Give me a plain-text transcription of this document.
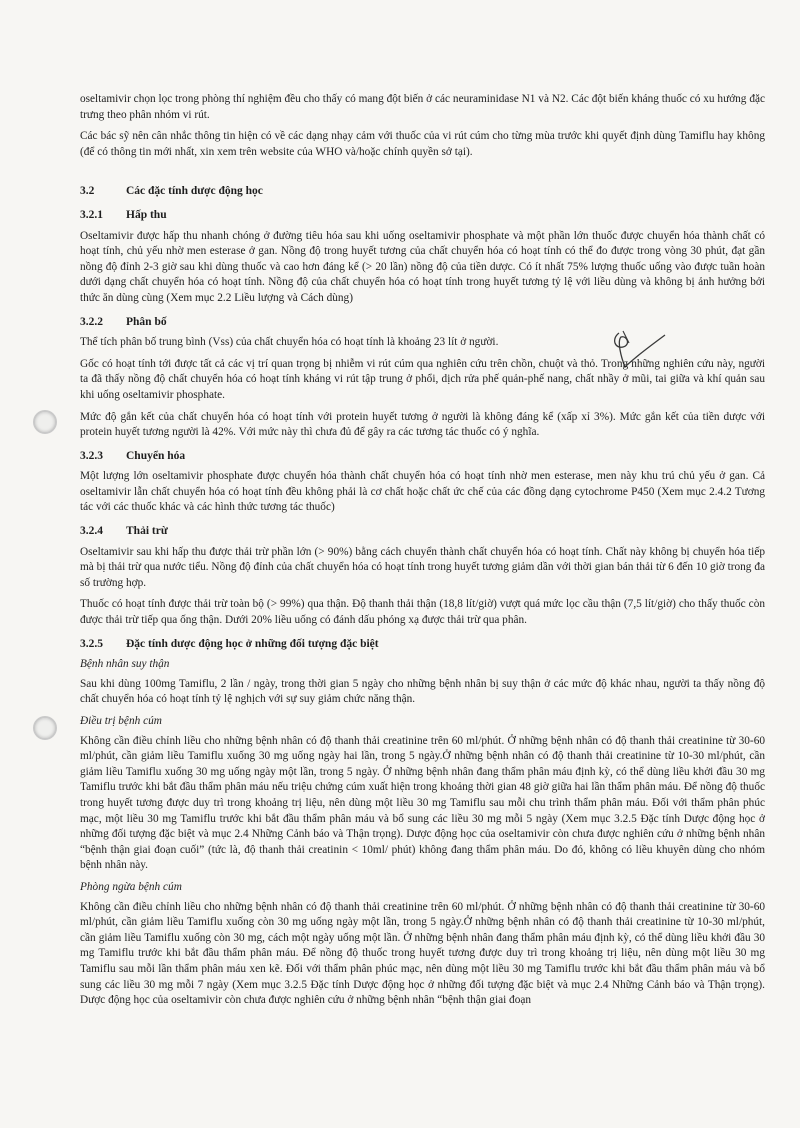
oseltamivir chọn lọc trong phòng thí nghiệm đều cho thấy có mang đột biến ở các neuraminidase N1 và N2. Các đột biến kháng thuốc có xu hướng đặc trưng theo phân nhóm vi rút.

Các bác sỹ nên cân nhắc thông tin hiện có về các dạng nhạy cảm với thuốc của vi rút cúm cho từng mùa trước khi quyết định dùng Tamiflu hay không (để có thông tin mới nhất, xin xem trên website của WHO và/hoặc chính quyền sở tại).

3.2	Các đặc tính dược động học
3.2.1	Hấp thu

Oseltamivir được hấp thu nhanh chóng ở đường tiêu hóa sau khi uống oseltamivir phosphate và một phần lớn thuốc được chuyển hóa thành chất có hoạt tính, chủ yếu nhờ men esterase ở gan. Nồng độ trong huyết tương của chất chuyển hóa có hoạt tính có thể đo được trong vòng 30 phút, đạt gần nồng độ đỉnh 2-3 giờ sau khi dùng thuốc và cao hơn đáng kể (> 20 lần) nồng độ của tiền dược. Có ít nhất 75% lượng thuốc uống vào được tuần hoàn dưới dạng chất chuyển hóa có hoạt tính. Nồng độ của chất chuyển hóa có hoạt tính trong huyết tương tỷ lệ với liều dùng và không bị ảnh hưởng bởi thức ăn dùng cùng (Xem mục 2.2 Liều lượng và Cách dùng)

3.2.2	Phân bố

Thể tích phân bố trung bình (Vss) của chất chuyển hóa có hoạt tính là khoảng 23 lít ở người.

Gốc có hoạt tính tới được tất cả các vị trí quan trọng bị nhiễm vi rút cúm qua nghiên cứu trên chồn, chuột và thỏ. Trong những nghiên cứu này, người ta đã thấy nồng độ chất chuyển hóa có hoạt tính kháng vi rút tập trung ở phổi, dịch rửa phế quản-phế nang, chất nhầy ở mũi, tai giữa và khí quản sau khi uống oseltamivir phosphate.

Mức độ gắn kết của chất chuyển hóa có hoạt tính với protein huyết tương ở người là không đáng kể (xấp xỉ 3%). Mức gắn kết của tiền dược với protein huyết tương người là 42%. Với mức này thì chưa đủ để gây ra các tương tác thuốc có ý nghĩa.

3.2.3	Chuyển hóa

Một lượng lớn oseltamivir phosphate được chuyển hóa thành chất chuyển hóa có hoạt tính nhờ men esterase, men này khu trú chủ yếu ở gan. Cả oseltamivir lẫn chất chuyển hóa có hoạt tính đều không phải là cơ chất hoặc chất ức chế của các đồng dạng cytochrome P450 (Xem mục 2.4.2 Tương tác với các thuốc khác và các hình thức tương tác thuốc)

3.2.4	Thải trừ

Oseltamivir sau khi hấp thu được thải trừ phần lớn (> 90%) bằng cách chuyển thành chất chuyển hóa có hoạt tính. Chất này không bị chuyển hóa tiếp mà bị thải trừ qua nước tiểu. Nồng độ đỉnh của chất chuyển hóa có hoạt tính trong huyết tương giảm dần với thời gian bán thải từ 6 đến 10 giờ trong đa số trường hợp.

Thuốc có hoạt tính được thải trừ toàn bộ (> 99%) qua thận. Độ thanh thải thận (18,8 lít/giờ) vượt quá mức lọc cầu thận (7,5 lít/giờ) cho thấy thuốc còn được thải trừ tiếp qua ống thận. Dưới 20% liều uống có đánh dấu phóng xạ được thải trừ qua phân.

3.2.5	Đặc tính dược động học ở những đối tượng đặc biệt
Bệnh nhân suy thận

Sau khi dùng 100mg Tamiflu, 2 lần / ngày, trong thời gian 5 ngày cho những bệnh nhân bị suy thận ở các mức độ khác nhau, người ta thấy nồng độ chất chuyển hóa có hoạt tính tỷ lệ nghịch với sự suy giảm chức năng thận.

Điều trị bệnh cúm

Không cần điều chỉnh liều cho những bệnh nhân có độ thanh thải creatinine trên 60 ml/phút. Ở những bệnh nhân có độ thanh thải creatinine từ 30-60 ml/phút, cần giảm liều Tamiflu xuống 30 mg uống ngày hai lần, trong 5 ngày.Ở những bệnh nhân có độ thanh thải creatinine từ 10-30 ml/phút, cần giảm liều Tamiflu xuống 30 mg uống ngày một lần, trong 5 ngày. Ở những bệnh nhân đang thẩm phân máu định kỳ, có thể dùng liều khởi đầu 30 mg Tamiflu trước khi bắt đầu thẩm phân máu nếu triệu chứng cúm xuất hiện trong khoảng thời gian 48 giờ giữa hai lần thẩm phân máu. Để nồng độ thuốc trong huyết tương được duy trì trong khoảng trị liệu, nên dùng một liều 30 mg Tamiflu sau mỗi chu trình thẩm phân máu. Đối với thẩm phân phúc mạc, một liều 30 mg Tamiflu trước khi bắt đầu thẩm phân máu và bổ sung các liều 30 mg mỗi 5 ngày (Xem mục 3.2.5 Đặc tính Dược động học ở những đối tượng đặc biệt và mục 2.4 Những Cảnh báo và Thận trọng). Dược động học của oseltamivir còn chưa được nghiên cứu ở những bệnh nhân “bệnh thận giai đoạn cuối” (tức là, độ thanh thải creatinin < 10ml/ phút) không đang thẩm phân máu. Do đó, không có liều khuyên dùng cho nhóm bệnh nhân này.

Phòng ngừa bệnh cúm

Không cần điều chỉnh liều cho những bệnh nhân có độ thanh thải creatinine trên 60 ml/phút. Ở những bệnh nhân có độ thanh thải creatinine từ 30-60 ml/phút, cần giảm liều Tamiflu xuống còn 30 mg uống ngày một lần, trong 5 ngày.Ở những bệnh nhân có độ thanh thải creatinine từ 10-30 ml/phút, cần giảm liều Tamiflu xuống còn 30 mg, cách một ngày uống một lần. Ở những bệnh nhân đang thẩm phân máu định kỳ, có thể dùng liều khởi đầu 30 mg Tamiflu trước khi bắt đầu thẩm phân máu. Để nồng độ thuốc trong huyết tương được duy trì trong khoảng trị liệu, nên dùng một liều 30 mg Tamiflu sau mỗi lần thẩm phân máu xen kẽ. Đối với thẩm phân phúc mạc, nên dùng một liều 30 mg Tamiflu trước khi bắt đầu thẩm phân máu và bổ sung các liều 30 mg mỗi 7 ngày (Xem mục 3.2.5 Đặc tính Dược động học ở những đối tượng đặc biệt và mục 2.4 Những Cảnh báo và Thận trọng). Dược động học của oseltamivir còn chưa được nghiên cứu ở những bệnh nhân “bệnh thận giai đoạn
